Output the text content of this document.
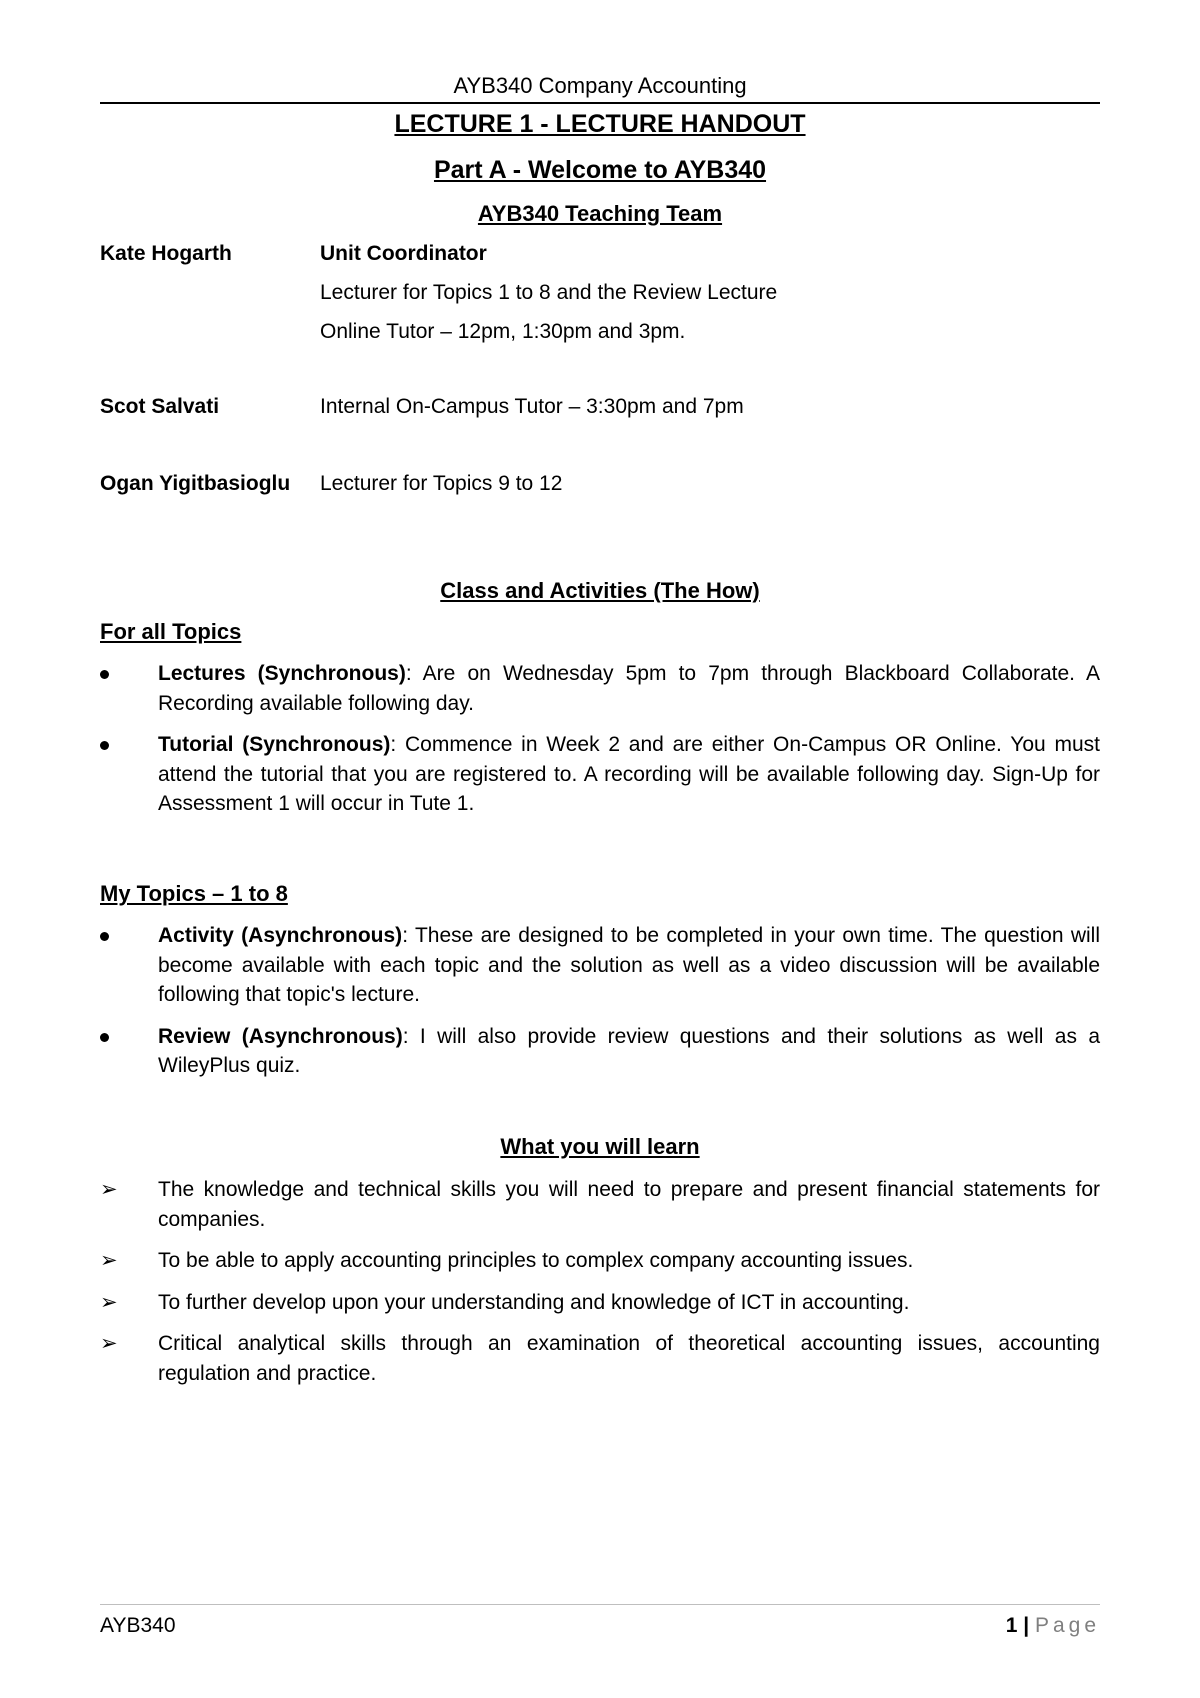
AYB340 Company Accounting
LECTURE 1 - LECTURE HANDOUT
Part A - Welcome to AYB340
AYB340 Teaching Team
Kate Hogarth	Unit Coordinator
Lecturer for Topics 1 to 8 and the Review Lecture
Online Tutor – 12pm, 1:30pm and 3pm.
Scot Salvati	Internal On-Campus Tutor – 3:30pm and 7pm
Ogan Yigitbasioglu Lecturer for Topics 9 to 12
Class and Activities (The How)
For all Topics
Lectures (Synchronous): Are on Wednesday 5pm to 7pm through Blackboard Collaborate. A Recording available following day.
Tutorial (Synchronous): Commence in Week 2 and are either On-Campus OR Online. You must attend the tutorial that you are registered to. A recording will be available following day. Sign-Up for Assessment 1 will occur in Tute 1.
My Topics – 1 to 8
Activity (Asynchronous): These are designed to be completed in your own time. The question will become available with each topic and the solution as well as a video discussion will be available following that topic's lecture.
Review (Asynchronous): I will also provide review questions and their solutions as well as a WileyPlus quiz.
What you will learn
➢ The knowledge and technical skills you will need to prepare and present financial statements for companies.
➢ To be able to apply accounting principles to complex company accounting issues.
➢ To further develop upon your understanding and knowledge of ICT in accounting.
➢ Critical analytical skills through an examination of theoretical accounting issues, accounting regulation and practice.
AYB340	1 | Page
